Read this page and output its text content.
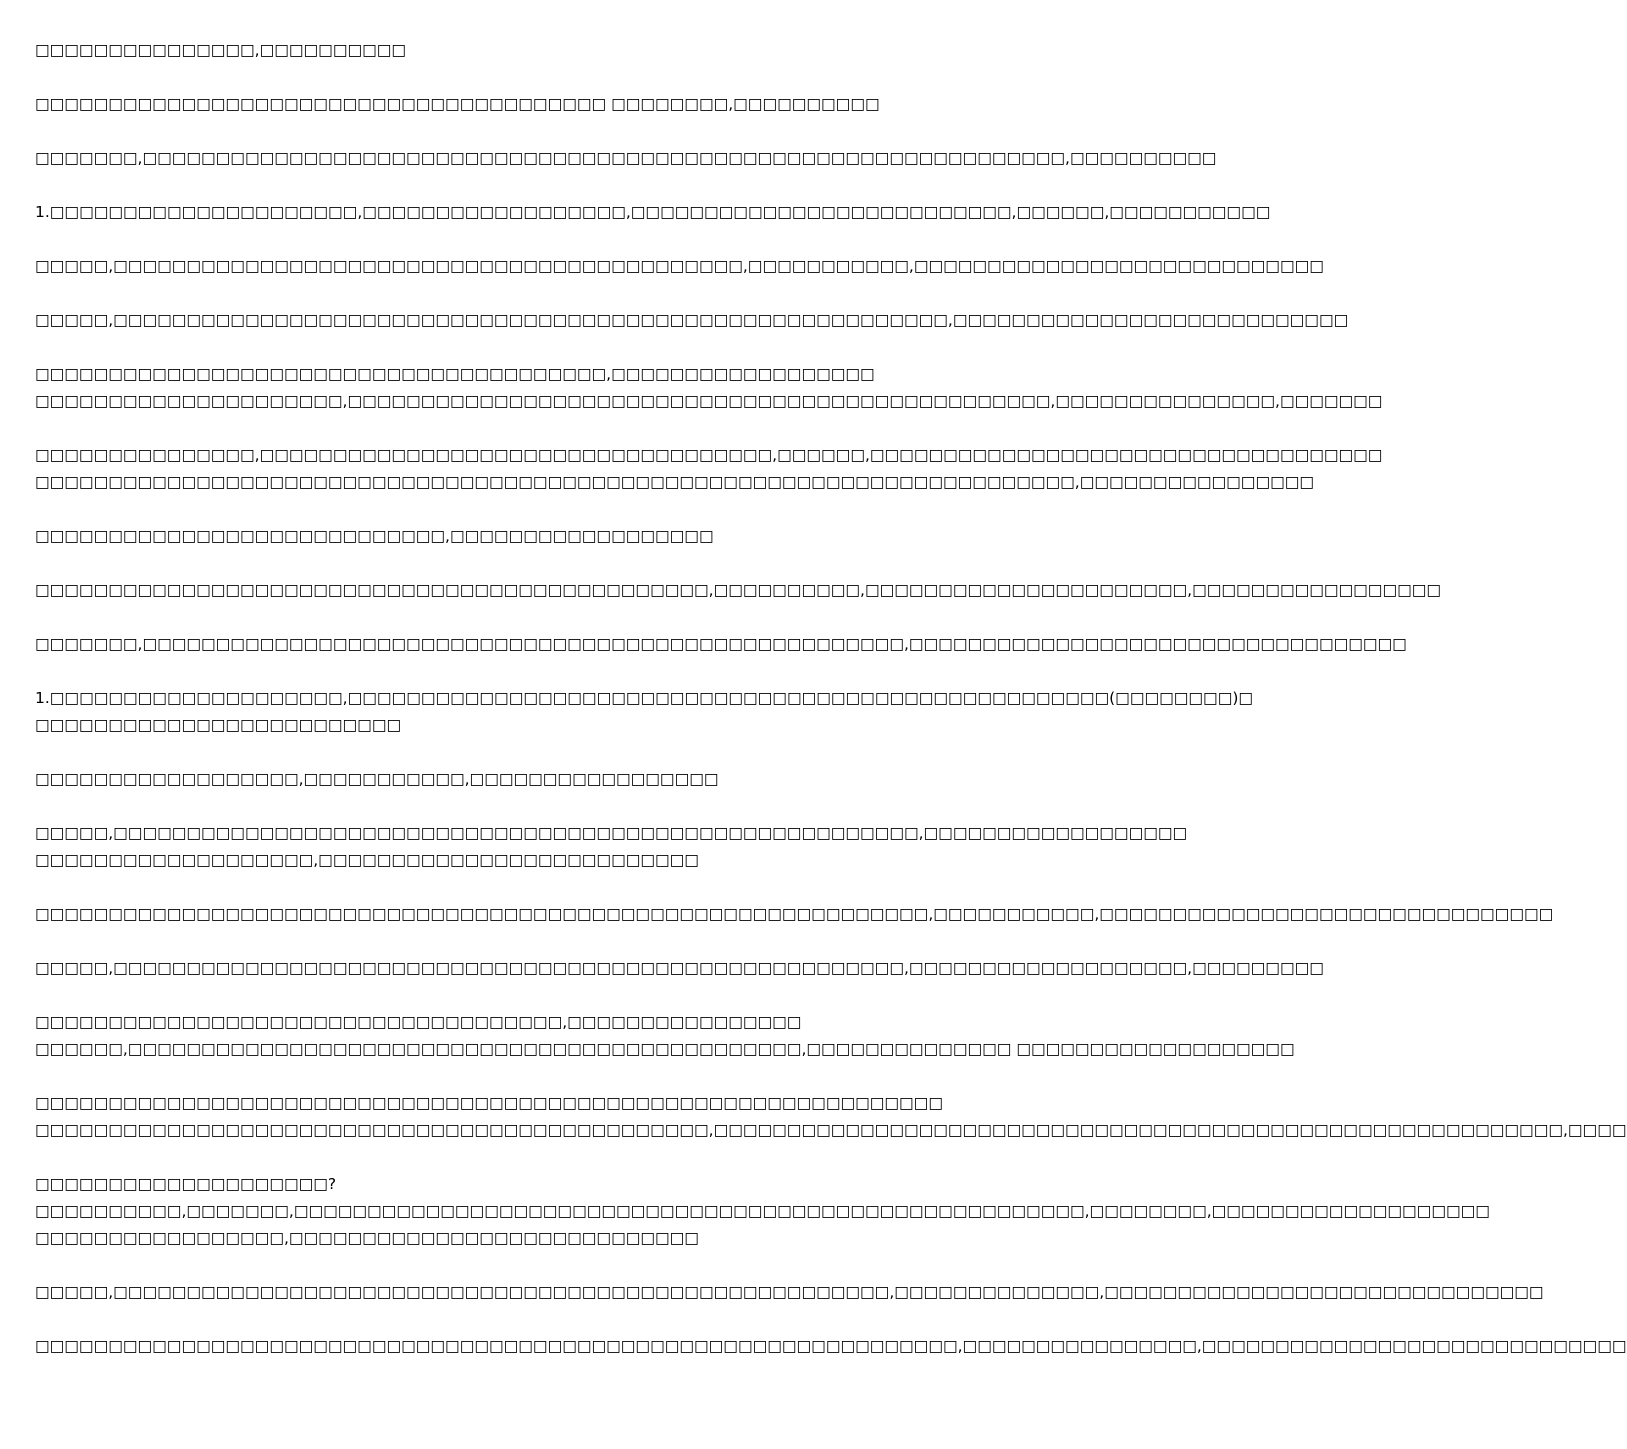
□□□□□□□□□□□□□□□,□□□□□□□□□□
□□□□□□□□□□□□□□□□□□□□□□□□□□□□□□□□□□□□□□□ □□□□□□□□,□□□□□□□□□□
□□□□□□□,□□□□□□□□□□□□□□□□□□□□□□□□□□□□□□□□□□□□□□□□□□□□□□□□□□□□□□□□□□□□□□□,□□□□□□□□□□
1.□□□□□□□□□□□□□□□□□□□□□,□□□□□□□□□□□□□□□□□□,□□□□□□□□□□□□□□□□□□□□□□□□□□,□□□□□□,□□□□□□□□□□□
□□□□□,□□□□□□□□□□□□□□□□□□□□□□□□□□□□□□□□□□□□□□□□□□□,□□□□□□□□□□□,□□□□□□□□□□□□□□□□□□□□□□□□□□□□
□□□□□,□□□□□□□□□□□□□□□□□□□□□□□□□□□□□□□□□□□□□□□□□□□□□□□□□□□□□□□□□,□□□□□□□□□□□□□□□□□□□□□□□□□□□
□□□□□□□□□□□□□□□□□□□□□□□□□□□□□□□□□□□□□□□,□□□□□□□□□□□□□□□□□□
□□□□□□□□□□□□□□□□□□□□□,□□□□□□□□□□□□□□□□□□□□□□□□□□□□□□□□□□□□□□□□□□□□□□□□,□□□□□□□□□□□□□□□,□□□□□□□
□□□□□□□□□□□□□□□,□□□□□□□□□□□□□□□□□□□□□□□□□□□□□□□□□□□,□□□□□□,□□□□□□□□□□□□□□□□□□□□□□□□□□□□□□□□□□□
□□□□□□□□□□□□□□□□□□□□□□□□□□□□□□□□□□□□□□□□□□□□□□□□□□□□□□□□□□□□□□□□□□□□□□□,□□□□□□□□□□□□□□□□
□□□□□□□□□□□□□□□□□□□□□□□□□□□□,□□□□□□□□□□□□□□□□□□
□□□□□□□□□□□□□□□□□□□□□□□□□□□□□□□□□□□□□□□□□□□□□□,□□□□□□□□□□,□□□□□□□□□□□□□□□□□□□□□□,□□□□□□□□□□□□□□□□□
□□□□□□□,□□□□□□□□□□□□□□□□□□□□□□□□□□□□□□□□□□□□□□□□□□□□□□□□□□□□,□□□□□□□□□□□□□□□□□□□□□□□□□□□□□□□□□□
1.□□□□□□□□□□□□□□□□□□□□,□□□□□□□□□□□□□□□□□□□□□□□□□□□□□□□□□□□□□□□□□□□□□□□□□□□□(□□□□□□□□)□
□□□□□□□□□□□□□□□□□□□□□□□□□
□□□□□□□□□□□□□□□□□□,□□□□□□□□□□□,□□□□□□□□□□□□□□□□□
□□□□□,□□□□□□□□□□□□□□□□□□□□□□□□□□□□□□□□□□□□□□□□□□□□□□□□□□□□□□□,□□□□□□□□□□□□□□□□□□
□□□□□□□□□□□□□□□□□□□,□□□□□□□□□□□□□□□□□□□□□□□□□□
□□□□□□□□□□□□□□□□□□□□□□□□□□□□□□□□□□□□□□□□□□□□□□□□□□□□□□□□□□□□□,□□□□□□□□□□□,□□□□□□□□□□□□□□□□□□□□□□□□□□□□□□□
□□□□□,□□□□□□□□□□□□□□□□□□□□□□□□□□□□□□□□□□□□□□□□□□□□□□□□□□□□□□,□□□□□□□□□□□□□□□□□□□,□□□□□□□□□
□□□□□□□□□□□□□□□□□□□□□□□□□□□□□□□□□□□□,□□□□□□□□□□□□□□□□
□□□□□□,□□□□□□□□□□□□□□□□□□□□□□□□□□□□□□□□□□□□□□□□□□□□□□,□□□□□□□□□□□□□□ □□□□□□□□□□□□□□□□□□□
□□□□□□□□□□□□□□□□□□□□□□□□□□□□□□□□□□□□□□□□□□□□□□□□□□□□□□□□□□□□□□
□□□□□□□□□□□□□□□□□□□□□□□□□□□□□□□□□□□□□□□□□□□□□□,□□□□□□□□□□□□□□□□□□□□□□□□□□□□□□□□□□□□□□□□□□□□□□□□□□□□□□□□□□,□□□□
□□□□□□□□□□□□□□□□□□□□?
□□□□□□□□□□,□□□□□□□,□□□□□□□□□□□□□□□□□□□□□□□□□□□□□□□□□□□□□□□□□□□□□□□□□□□□□□,□□□□□□□□,□□□□□□□□□□□□□□□□□□□
□□□□□□□□□□□□□□□□□,□□□□□□□□□□□□□□□□□□□□□□□□□□□□
□□□□□,□□□□□□□□□□□□□□□□□□□□□□□□□□□□□□□□□□□□□□□□□□□□□□□□□□□□□,□□□□□□□□□□□□□□,□□□□□□□□□□□□□□□□□□□□□□□□□□□□□□
□□□□□□□□□□□□□□□□□□□□□□□□□□□□□□□□□□□□□□□□□□□□□□□□□□□□□□□□□□□□□□□,□□□□□□□□□□□□□□□□,□□□□□□□□□□□□□□□□□□□□□□□□□□□□□
